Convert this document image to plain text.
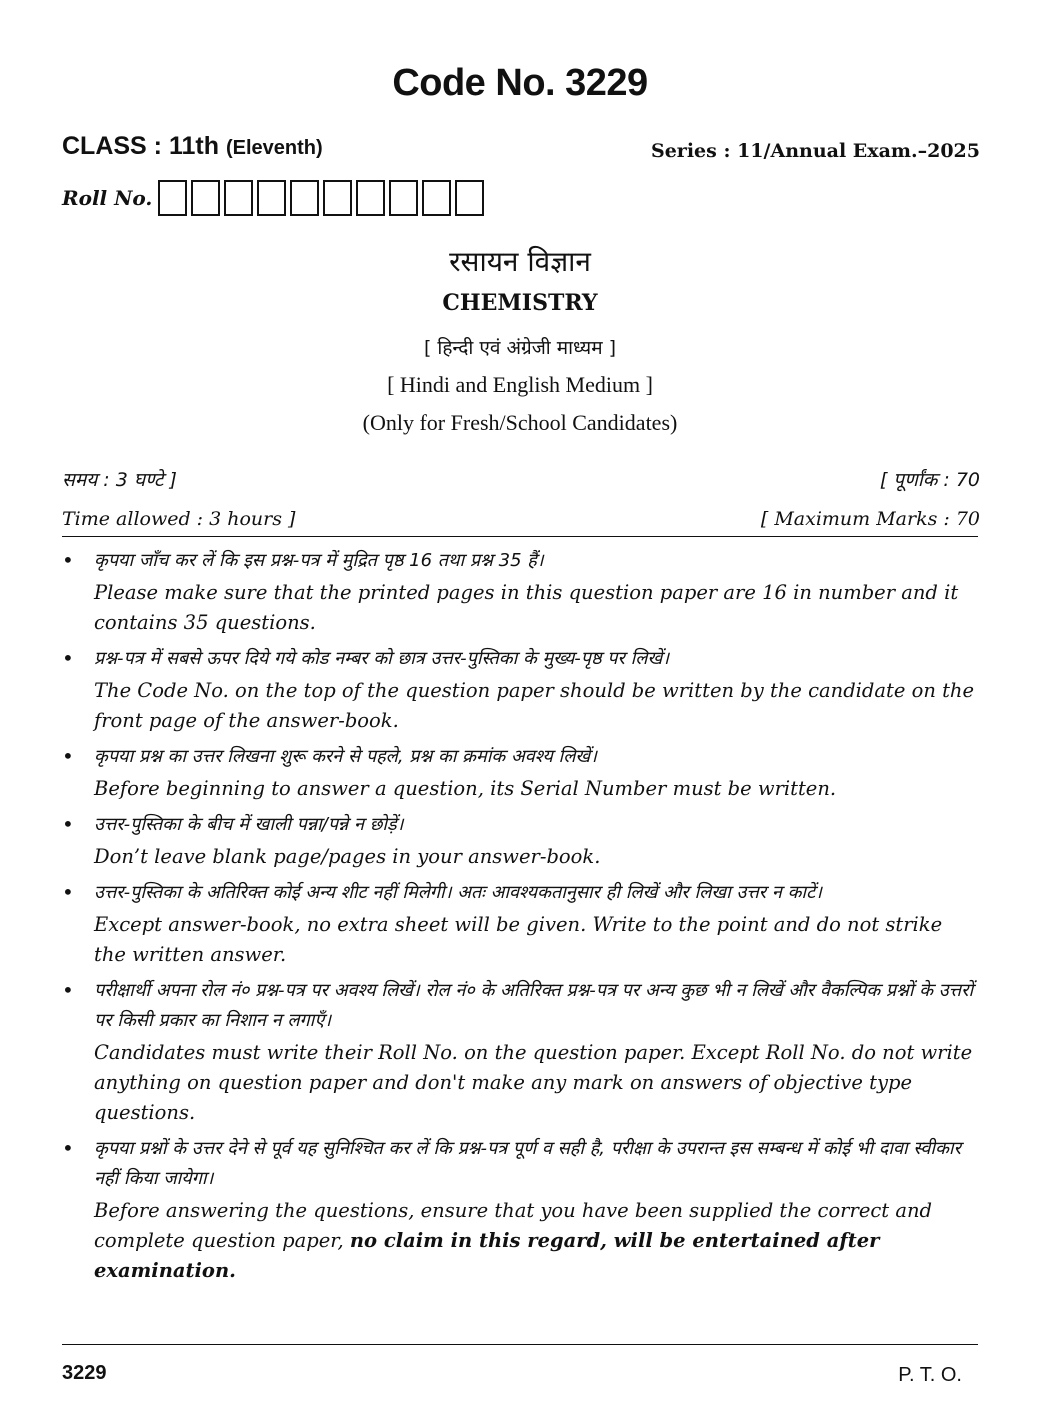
Code No. 3229
CLASS : 11th (Eleventh)	Series : 11/Annual Exam.–2025
Roll No.
रसायन विज्ञान
CHEMISTRY
[ हिन्दी एवं अंग्रेजी माध्यम ]
[ Hindi and English Medium ]
(Only for Fresh/School Candidates)
समय : 3 घण्टे ]	[ पूर्णांक : 70
Time allowed : 3 hours ]	[ Maximum Marks : 70
•	कृपया जाँच कर लें कि इस प्रश्न-पत्र में मुद्रित पृष्ठ 16 तथा प्रश्न 35 हैं।

Please make sure that the printed pages in this question paper are 16 in number and it contains 35 questions.

•	प्रश्न-पत्र में सबसे ऊपर दिये गये कोड नम्बर को छात्र उत्तर-पुस्तिका के मुख्य-पृष्ठ पर लिखें।

The Code No. on the top of the question paper should be written by the candidate on the front page of the answer-book.

•	कृपया प्रश्न का उत्तर लिखना शुरू करने से पहले, प्रश्न का क्रमांक अवश्य लिखें।

Before beginning to answer a question, its Serial Number must be written.

•	उत्तर-पुस्तिका के बीच में खाली पन्ना/पन्ने न छोड़ें।

Don’t leave blank page/pages in your answer-book.

•	उत्तर-पुस्तिका के अतिरिक्त कोई अन्य शीट नहीं मिलेगी। अतः आवश्यकतानुसार ही लिखें और लिखा उत्तर न काटें।

Except answer-book, no extra sheet will be given. Write to the point and do not strike the written answer.

•	परीक्षार्थी अपना रोल नं० प्रश्न-पत्र पर अवश्य लिखें। रोल नं० के अतिरिक्त प्रश्न-पत्र पर अन्य कुछ भी न लिखें और वैकल्पिक प्रश्नों के उत्तरों पर किसी प्रकार का निशान न लगाएँ।

Candidates must write their Roll No. on the question paper. Except Roll No. do not write anything on question paper and don't make any mark on answers of objective type questions.

•	कृपया प्रश्नों के उत्तर देने से पूर्व यह सुनिश्चित कर लें कि प्रश्न-पत्र पूर्ण व सही है, परीक्षा के उपरान्त इस सम्बन्ध में कोई भी दावा स्वीकार नहीं किया जायेगा।

Before answering the questions, ensure that you have been supplied the correct and complete question paper, no claim in this regard, will be entertained after examination.

3229	P. T. O.
